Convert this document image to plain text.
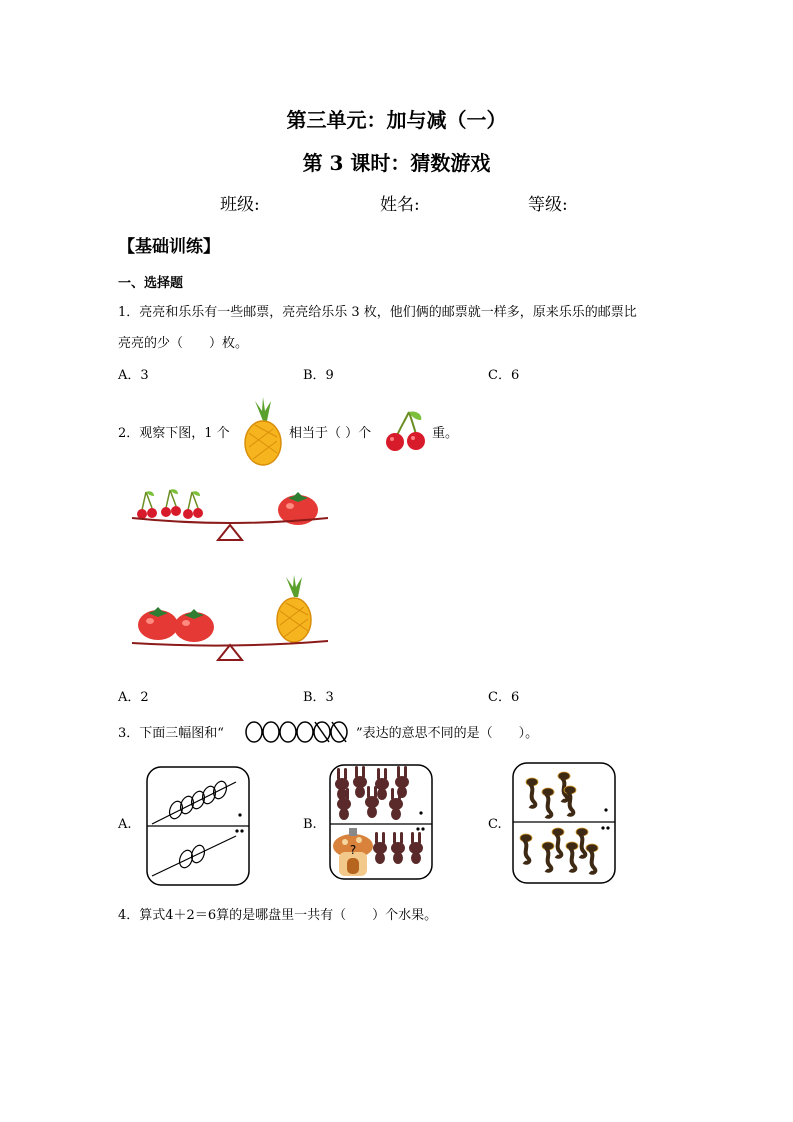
第三单元：加与减（一）
第 3 课时：猜数游戏
班级:	姓名:	等级:
【基础训练】
一、选择题
1．亮亮和乐乐有一些邮票，亮亮给乐乐 3 枚，他们俩的邮票就一样多，原来乐乐的邮票比
亮亮的少（　　）枚。
A．3	B．9	C．6
2．观察下图，1 个	相当于（ ）个	重。
A．2	B．3	C．6
3．下面三幅图和“	”表达的意思不同的是（　　）。
A.	B.
?
C.
4．算式4＋2＝6算的是哪盘里一共有（　　）个水果。
